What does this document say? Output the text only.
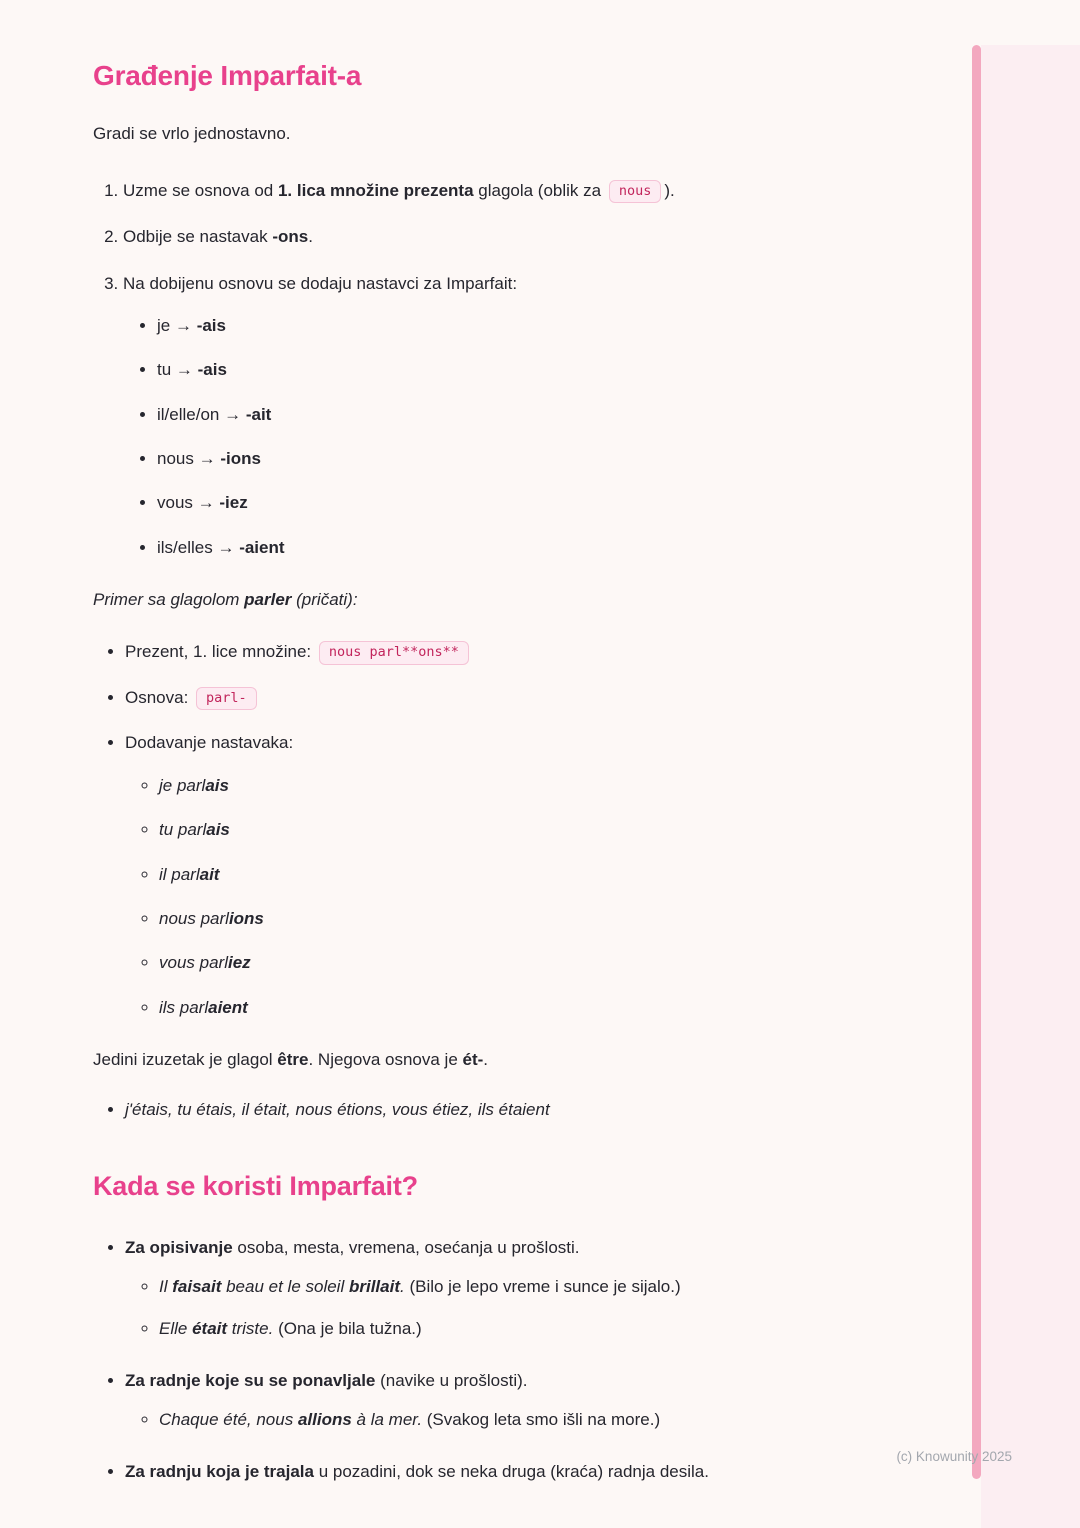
(c) Knowunity 2025
Građenje Imparfait-a

Gradi se vrlo jednostavno.

1. Uzme se osnova od 1. lica množine prezenta glagola (oblik za nous ).
2. Odbije se nastavak -ons.
3. Na dobijenu osnovu se dodaju nastavci za Imparfait:
• je → -ais
• tu → -ais
• il/elle/on → -ait
• nous → -ions
• vous → -iez
• ils/elles → -aient

Primer sa glagolom parler (pričati):

• Prezent, 1. lice množine: nous parl**ons**
• Osnova: parl-
• Dodavanje nastavaka:
◦ je parlais
◦ tu parlais
◦ il parlait
◦ nous parlions
◦ vous parliez
◦ ils parlaient

Jedini izuzetak je glagol être. Njegova osnova je ét-.

• j'étais, tu étais, il était, nous étions, vous étiez, ils étaient
Kada se koristi Imparfait?
• Za opisivanje osoba, mesta, vremena, osećanja u prošlosti.
◦ Il faisait beau et le soleil brillait. (Bilo je lepo vreme i sunce je sijalo.)
◦ Elle était triste. (Ona je bila tužna.)
• Za radnje koje su se ponavljale (navike u prošlosti).
◦ Chaque été, nous allions à la mer. (Svakog leta smo išli na more.)
• Za radnju koja je trajala u pozadini, dok se neka druga (kraća) radnja desila.
